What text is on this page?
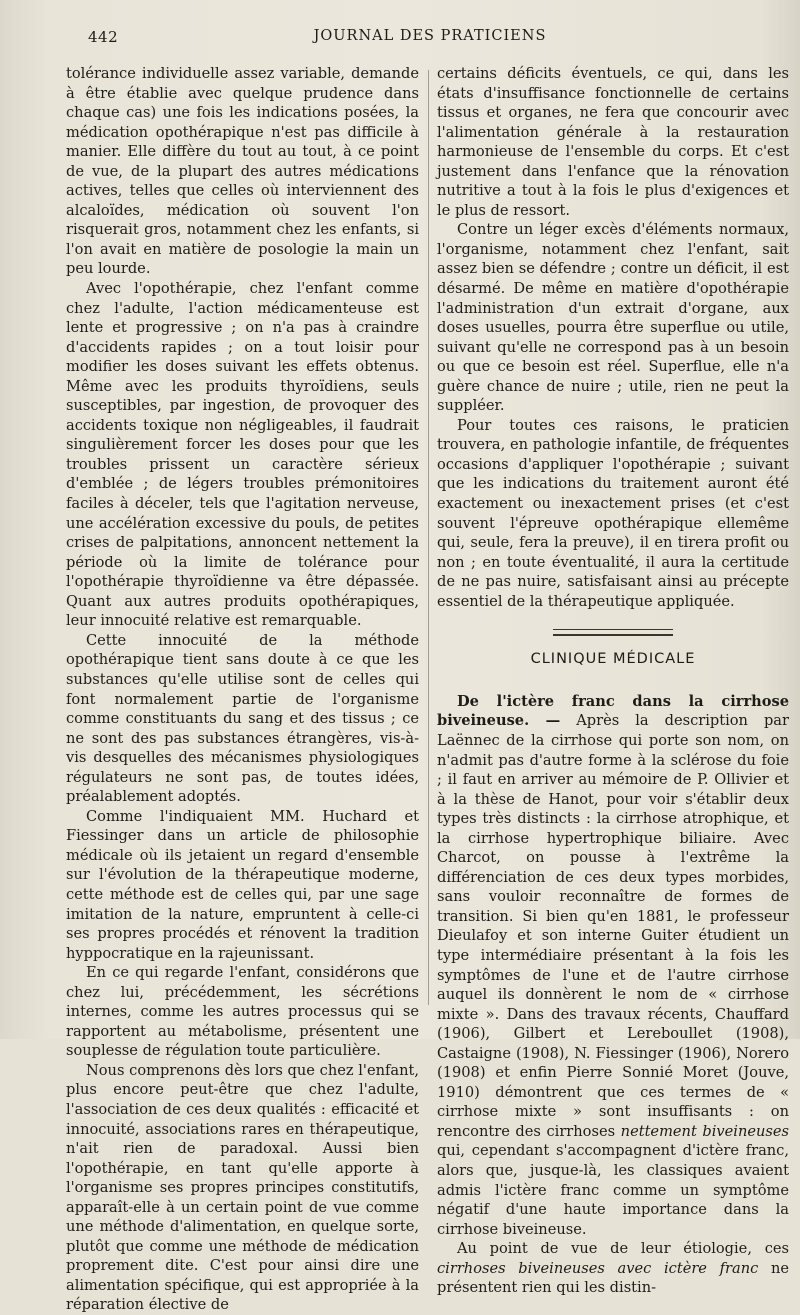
442	JOURNAL DES PRATICIENS

tolérance individuelle assez variable, demande à être établie avec quelque prudence dans chaque cas) une fois les indications posées, la médication opothérapique n'est pas difficile à manier. Elle diffère du tout au tout, à ce point de vue, de la plupart des autres médications actives, telles que celles où interviennent des alcaloïdes, médication où souvent l'on risquerait gros, notamment chez les enfants, si l'on avait en matière de posologie la main un peu lourde.

Avec l'opothérapie, chez l'enfant comme chez l'adulte, l'action médicamenteuse est lente et progressive ; on n'a pas à craindre d'accidents rapides ; on a tout loisir pour modifier les doses suivant les effets obtenus. Même avec les produits thyroïdiens, seuls susceptibles, par ingestion, de provoquer des accidents toxique non négligeables, il faudrait singulièrement forcer les doses pour que les troubles prissent un caractère sérieux d'emblée ; de légers troubles prémonitoires faciles à déceler, tels que l'agitation nerveuse, une accélération excessive du pouls, de petites crises de palpitations, annoncent nettement la période où la limite de tolérance pour l'opothérapie thyroïdienne va être dépassée. Quant aux autres produits opothérapiques, leur innocuité relative est remarquable.

Cette innocuité de la méthode opothérapique tient sans doute à ce que les substances qu'elle utilise sont de celles qui font normalement partie de l'organisme comme constituants du sang et des tissus ; ce ne sont des pas substances étrangères, vis-à-vis desquelles des mécanismes physiologiques régulateurs ne sont pas, de toutes idées, préalablement adoptés.

Comme l'indiquaient MM. Huchard et Fiessinger dans un article de philosophie médicale où ils jetaient un regard d'ensemble sur l'évolution de la thérapeutique moderne, cette méthode est de celles qui, par une sage imitation de la nature, empruntent à celle-ci ses propres procédés et rénovent la tradition hyppocratique en la rajeunissant.

En ce qui regarde l'enfant, considérons que chez lui, précédemment, les sécrétions internes, comme les autres processus qui se rapportent au métabolisme, présentent une souplesse de régulation toute particulière.

Nous comprenons dès lors que chez l'enfant, plus encore peut-être que chez l'adulte, l'association de ces deux qualités : efficacité et innocuité, associations rares en thérapeutique, n'ait rien de paradoxal. Aussi bien l'opothérapie, en tant qu'elle apporte à l'organisme ses propres principes constitutifs, apparaît-elle à un certain point de vue comme une méthode d'alimentation, en quelque sorte, plutôt que comme une méthode de médication proprement dite. C'est pour ainsi dire une alimentation spécifique, qui est appropriée à la réparation élective de

certains déficits éventuels, ce qui, dans les états d'insuffisance fonctionnelle de certains tissus et organes, ne fera que concourir avec l'alimentation générale à la restauration harmonieuse de l'ensemble du corps. Et c'est justement dans l'enfance que la rénovation nutritive a tout à la fois le plus d'exigences et le plus de ressort.

Contre un léger excès d'éléments normaux, l'organisme, notamment chez l'enfant, sait assez bien se défendre ; contre un déficit, il est désarmé. De même en matière d'opothérapie l'administration d'un extrait d'organe, aux doses usuelles, pourra être superflue ou utile, suivant qu'elle ne correspond pas à un besoin ou que ce besoin est réel. Superflue, elle n'a guère chance de nuire ; utile, rien ne peut la suppléer.

Pour toutes ces raisons, le praticien trouvera, en pathologie infantile, de fréquentes occasions d'appliquer l'opothérapie ; suivant que les indications du traitement auront été exactement ou inexactement prises (et c'est souvent l'épreuve opothérapique ellemême qui, seule, fera la preuve), il en tirera profit ou non ; en toute éventualité, il aura la certitude de ne pas nuire, satisfaisant ainsi au précepte essentiel de la thérapeutique appliquée.

CLINIQUE MÉDICALE

De l'ictère franc dans la cirrhose biveineuse. — Après la description par Laënnec de la cirrhose qui porte son nom, on n'admit pas d'autre forme à la sclérose du foie ; il faut en arriver au mémoire de P. Ollivier et à la thèse de Hanot, pour voir s'établir deux types très distincts : la cirrhose atrophique, et la cirrhose hypertrophique biliaire. Avec Charcot, on pousse à l'extrême la différenciation de ces deux types morbides, sans vouloir reconnaître de formes de transition. Si bien qu'en 1881, le professeur Dieulafoy et son interne Guiter étudient un type intermédiaire présentant à la fois les symptômes de l'une et de l'autre cirrhose auquel ils donnèrent le nom de « cirrhose mixte ». Dans des travaux récents, Chauffard (1906), Gilbert et Lereboullet (1908), Castaigne (1908), N. Fiessinger (1906), Norero (1908) et enfin Pierre Sonnié Moret (Jouve, 1910) démontrent que ces termes de « cirrhose mixte » sont insuffisants : on rencontre des cirrhoses nettement biveineuses qui, cependant s'accompagnent d'ictère franc, alors que, jusque-là, les classiques avaient admis l'ictère franc comme un symptôme négatif d'une haute importance dans la cirrhose biveineuse.

Au point de vue de leur étiologie, ces cirrhoses biveineuses avec ictère franc ne présentent rien qui les distin-
